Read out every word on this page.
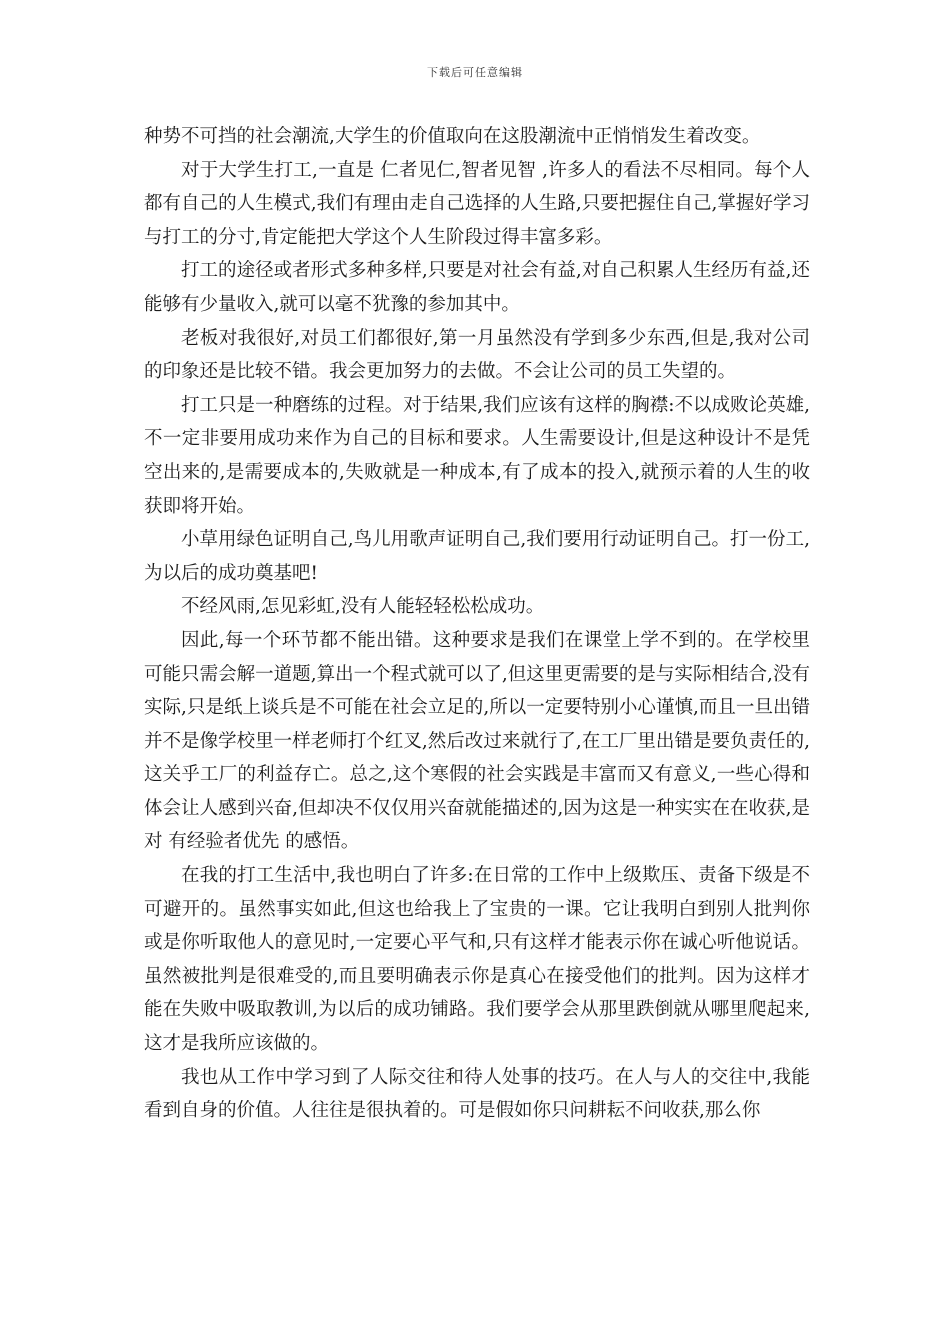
下载后可任意编辑

种势不可挡的社会潮流,大学生的价值取向在这股潮流中正悄悄发生着改变。

对于大学生打工,一直是 仁者见仁,智者见智 ,许多人的看法不尽相同。每个人都有自己的人生模式,我们有理由走自己选择的人生路,只要把握住自己,掌握好学习与打工的分寸,肯定能把大学这个人生阶段过得丰富多彩。

打工的途径或者形式多种多样,只要是对社会有益,对自己积累人生经历有益,还能够有少量收入,就可以毫不犹豫的参加其中。

老板对我很好,对员工们都很好,第一月虽然没有学到多少东西,但是,我对公司的印象还是比较不错。我会更加努力的去做。不会让公司的员工失望的。

打工只是一种磨练的过程。对于结果,我们应该有这样的胸襟:不以成败论英雄,不一定非要用成功来作为自己的目标和要求。人生需要设计,但是这种设计不是凭空出来的,是需要成本的,失败就是一种成本,有了成本的投入,就预示着的人生的收获即将开始。

小草用绿色证明自己,鸟儿用歌声证明自己,我们要用行动证明自己。打一份工,为以后的成功奠基吧!

不经风雨,怎见彩虹,没有人能轻轻松松成功。

因此,每一个环节都不能出错。这种要求是我们在课堂上学不到的。在学校里可能只需会解一道题,算出一个程式就可以了,但这里更需要的是与实际相结合,没有实际,只是纸上谈兵是不可能在社会立足的,所以一定要特别小心谨慎,而且一旦出错并不是像学校里一样老师打个红叉,然后改过来就行了,在工厂里出错是要负责任的,这关乎工厂的利益存亡。总之,这个寒假的社会实践是丰富而又有意义,一些心得和体会让人感到兴奋,但却决不仅仅用兴奋就能描述的,因为这是一种实实在在收获,是对 有经验者优先 的感悟。

在我的打工生活中,我也明白了许多:在日常的工作中上级欺压、责备下级是不可避开的。虽然事实如此,但这也给我上了宝贵的一课。它让我明白到别人批判你或是你听取他人的意见时,一定要心平气和,只有这样才能表示你在诚心听他说话。虽然被批判是很难受的,而且要明确表示你是真心在接受他们的批判。因为这样才能在失败中吸取教训,为以后的成功铺路。我们要学会从那里跌倒就从哪里爬起来,这才是我所应该做的。

我也从工作中学习到了人际交往和待人处事的技巧。在人与人的交往中,我能看到自身的价值。人往往是很执着的。可是假如你只问耕耘不问收获,那么你
